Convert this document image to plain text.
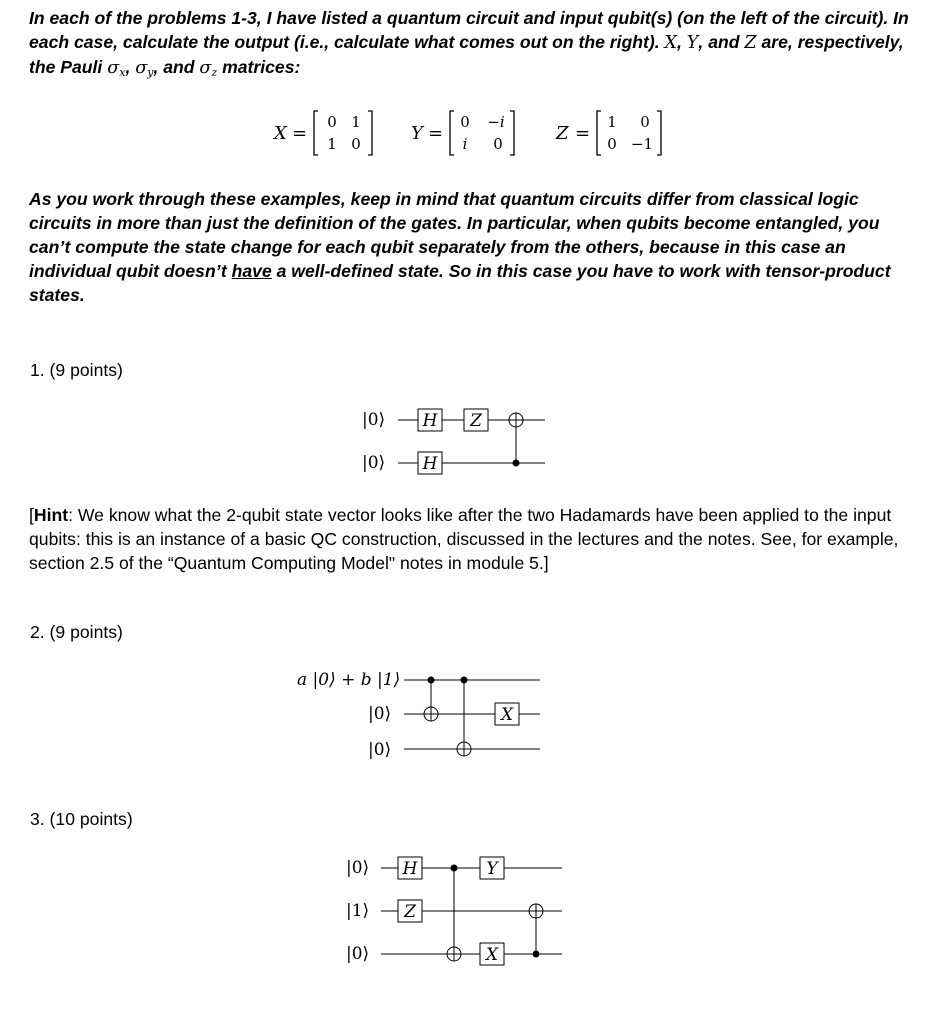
In each of the problems 1-3, I have listed a quantum circuit and input qubit(s) (on the left of the circuit). In each case, calculate the output (i.e., calculate what comes out on the right). X, Y, and Z are, respectively, the Pauli $\sigma_x$, $\sigma_y$, and $\sigma_z$ matrices:

X =
0 1
1 0	Y =
0 −i
i 0	Z =
1 0
0 −1

As you work through these examples, keep in mind that quantum circuits differ from classical logic circuits in more than just the definition of the gates. In particular, when qubits become entangled, you can’t compute the state change for each qubit separately from the others, because in this case an individual qubit doesn’t have a well-defined state. So in this case you have to work with tensor-product states.

1. (9 points)

|0⟩
|0⟩
H Z
H

[Hint: We know what the 2-qubit state vector looks like after the two Hadamards have been applied to the input qubits: this is an instance of a basic QC construction, discussed in the lectures and the notes. See, for example, section 2.5 of the “Quantum Computing Model" notes in module 5.]

2. (9 points)

a |0⟩ + b |1⟩
|0⟩
|0⟩
X

3. (10 points)

|0⟩
|1⟩
|0⟩
H
Z
Y
X
